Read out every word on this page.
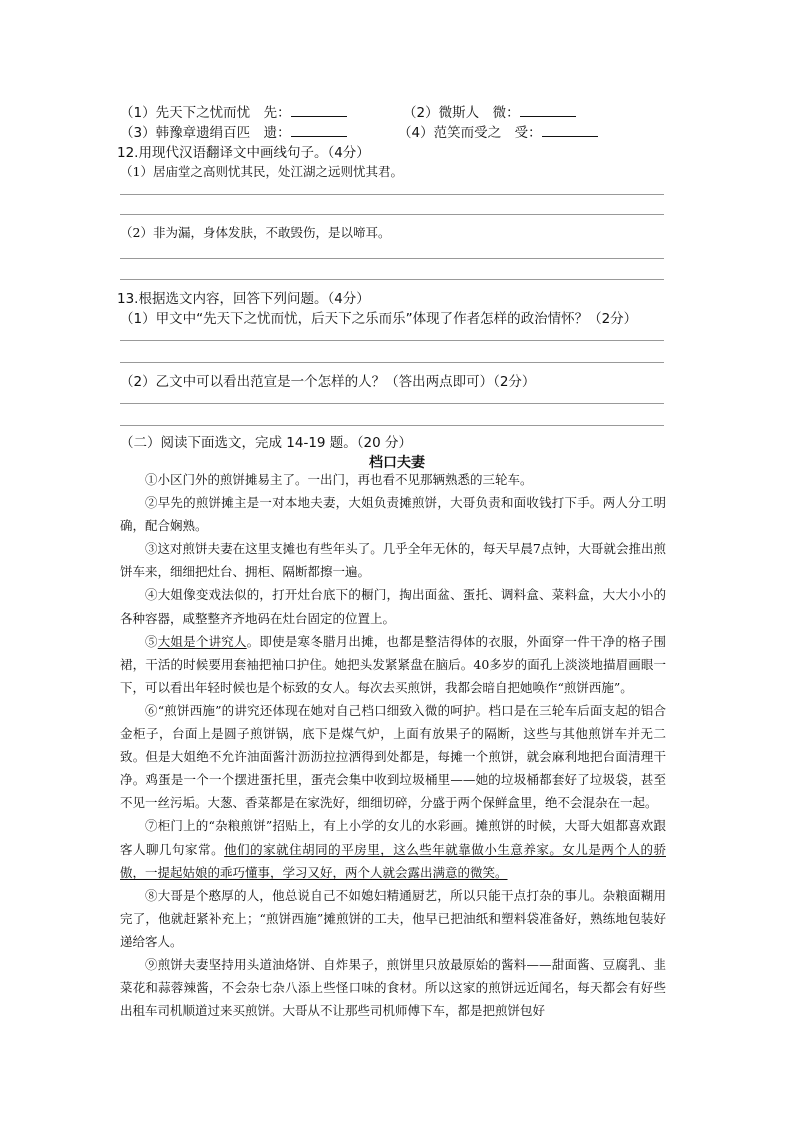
（1）先天下之忧而忧　先：	（2）微斯人　微：
（3）韩豫章遗绢百匹　遗：	（4）范笑而受之　受：
12.用现代汉语翻译文中画线句子。（4分）
（1）居庙堂之高则忧其民，处江湖之远则忧其君。
（2）非为漏，身体发肤，不敢毁伤，是以啼耳。
13.根据选文内容，回答下列问题。（4分）
（1）甲文中“先天下之忧而忧，后天下之乐而乐”体现了作者怎样的政治情怀？（2分）
（2）乙文中可以看出范宣是一个怎样的人？（答出两点即可）（2分）
（二）阅读下面选文，完成 14-19 题。（20 分）
档口夫妻

①小区门外的煎饼摊易主了。一出门，再也看不见那辆熟悉的三轮车。

②早先的煎饼摊主是一对本地夫妻，大姐负责摊煎饼，大哥负责和面收钱打下手。两人分工明确，配合娴熟。

③这对煎饼夫妻在这里支摊也有些年头了。几乎全年无休的，每天早晨7点钟，大哥就会推出煎饼车来，细细把灶台、拥柜、隔断都擦一遍。

④大姐像变戏法似的，打开灶台底下的橱门，掏出面盆、蛋托、调料盒、菜料盒，大大小小的各种容器，咸整整齐齐地码在灶台固定的位置上。

⑤大姐是个讲究人。即使是寒冬腊月出摊，也都是整洁得体的衣服，外面穿一件干净的格子围裙，干活的时候要用套袖把袖口护住。她把头发紧紧盘在脑后。40多岁的面孔上淡淡地描眉画眼一下，可以看出年轻时候也是个标致的女人。每次去买煎饼，我都会暗自把她唤作“煎饼西施”。

⑥“煎饼西施”的讲究还体现在她对自己档口细致入微的呵护。档口是在三轮车后面支起的铝合金柜子，台面上是圆子煎饼锅，底下是煤气炉，上面有放果子的隔断，这些与其他煎饼车并无二致。但是大姐绝不允许油面酱汁沥沥拉拉洒得到处都是，每摊一个煎饼，就会麻利地把台面清理干净。鸡蛋是一个一个摆进蛋托里，蛋壳会集中收到垃圾桶里——她的垃圾桶都套好了垃圾袋，甚至不见一丝污垢。大葱、香菜都是在家洗好，细细切碎，分盛于两个保鲜盒里，绝不会混杂在一起。

⑦柜门上的“杂粮煎饼”招贴上，有上小学的女儿的水彩画。摊煎饼的时候，大哥大姐都喜欢跟客人聊几句家常。他们的家就住胡同的平房里，这么些年就靠做小生意养家。女儿是两个人的骄傲，一提起姑娘的乖巧懂事，学习又好，两个人就会露出满意的微笑。

⑧大哥是个憨厚的人，他总说自己不如媳妇精通厨艺，所以只能干点打杂的事儿。杂粮面糊用完了，他就赶紧补充上；“煎饼西施”摊煎饼的工夫，他早已把油纸和塑料袋准备好，熟练地包装好递给客人。

⑨煎饼夫妻坚持用头道油烙饼、自炸果子，煎饼里只放最原始的酱料——甜面酱、豆腐乳、韭菜花和蒜蓉辣酱，不会杂七杂八添上些怪口味的食材。所以这家的煎饼远近闻名，每天都会有好些出租车司机顺道过来买煎饼。大哥从不让那些司机师傅下车，都是把煎饼包好
